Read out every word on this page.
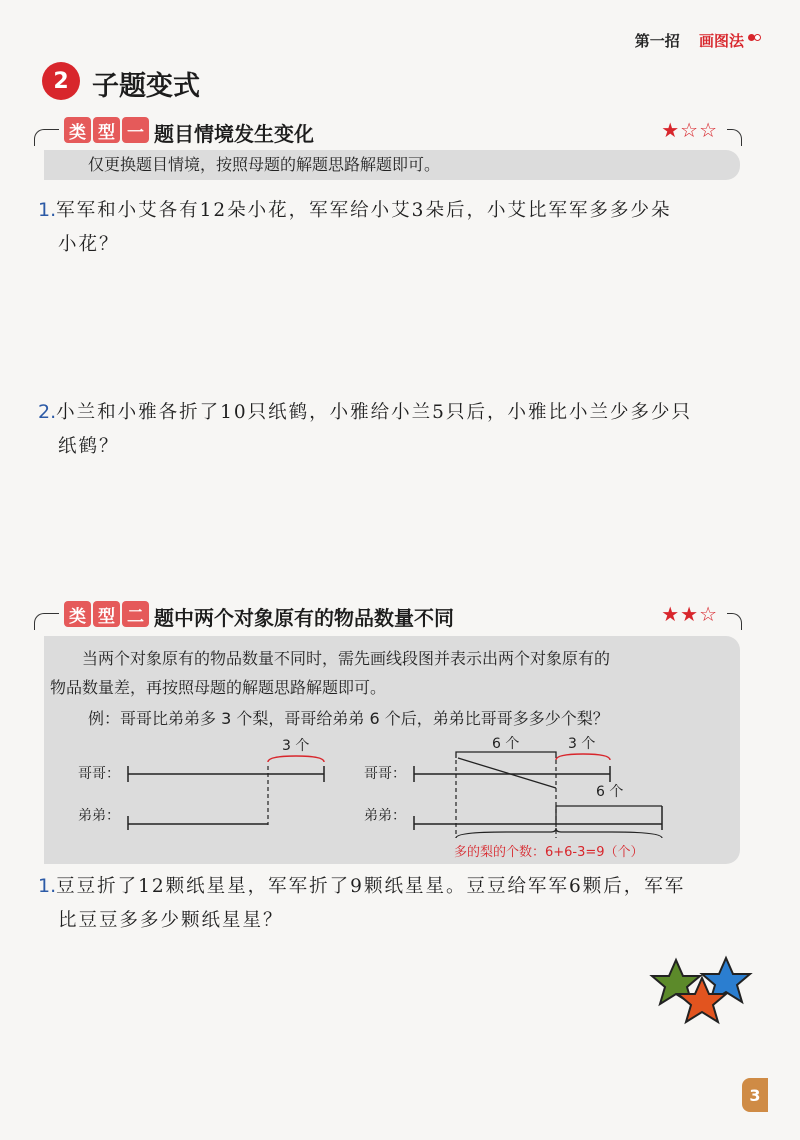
第一招 画图法
2 子题变式
类 型 一 题目情境发生变化	★☆☆
仅更换题目情境，按照母题的解题思路解题即可。
1.军军和小艾各有12朵小花，军军给小艾3朵后，小艾比军军多多少朵
小花？
2.小兰和小雅各折了10只纸鹤，小雅给小兰5只后，小雅比小兰少多少只
纸鹤？
类 型 二 题中两个对象原有的物品数量不同	★★☆
当两个对象原有的物品数量不同时，需先画线段图并表示出两个对象原有的
物品数量差，再按照母题的解题思路解题即可。
例：哥哥比弟弟多 3 个梨，哥哥给弟弟 6 个后，弟弟比哥哥多多少个梨？
哥哥：
3 个
弟弟：
哥哥：
6 个	3 个
弟弟：
6 个
多的梨的个数：6+6-3=9（个）
1.豆豆折了12颗纸星星，军军折了9颗纸星星。豆豆给军军6颗后，军军
比豆豆多多少颗纸星星？
3
